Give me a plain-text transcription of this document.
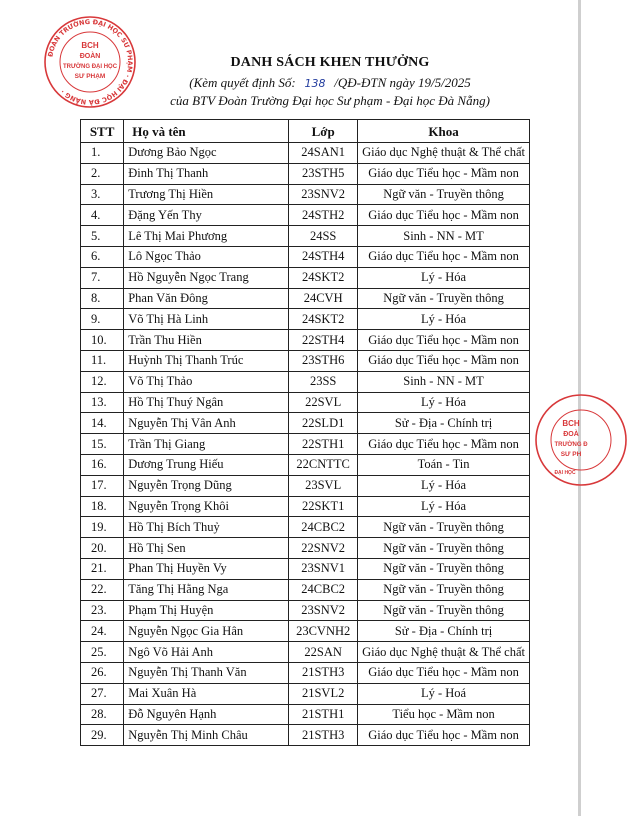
ĐOÀN TRƯỜNG ĐẠI HỌC SƯ PHẠM · ĐẠI HỌC ĐÀ NẴNG ·
BCH
ĐOÀN
TRƯỜNG ĐẠI HỌC
SƯ PHẠM
BCH
ĐOÀ
TRƯỜNG Đ
SƯ PH
ĐẠI HỌC
DANH SÁCH KHEN THƯỞNG
(Kèm quyết định Số: 138 /QĐ-ĐTN ngày 19/5/2025
của BTV Đoàn Trường Đại học Sư phạm - Đại học Đà Nẵng)
STT	Họ và tên	Lớp	Khoa
1.	Dương Bảo Ngọc	24SAN1	Giáo dục Nghệ thuật & Thể chất
2.	Đinh Thị Thanh	23STH5	Giáo dục Tiểu học - Mầm non
3.	Trương Thị Hiền	23SNV2	Ngữ văn - Truyền thông
4.	Đặng Yến Thy	24STH2	Giáo dục Tiểu học - Mầm non
5.	Lê Thị Mai Phương	24SS	Sinh - NN - MT
6.	Lô Ngọc Thảo	24STH4	Giáo dục Tiểu học - Mầm non
7.	Hồ Nguyễn Ngọc Trang	24SKT2	Lý - Hóa
8.	Phan Văn Đông	24CVH	Ngữ văn - Truyền thông
9.	Võ Thị Hà Linh	24SKT2	Lý - Hóa
10.	Trần Thu Hiền	22STH4	Giáo dục Tiểu học - Mầm non
11.	Huỳnh Thị Thanh Trúc	23STH6	Giáo dục Tiểu học - Mầm non
12.	Võ Thị Thảo	23SS	Sinh - NN - MT
13.	Hồ Thị Thuý Ngân	22SVL	Lý - Hóa
14.	Nguyễn Thị Vân Anh	22SLD1	Sử - Địa - Chính trị
15.	Trần Thị Giang	22STH1	Giáo dục Tiểu học - Mầm non
16.	Dương Trung Hiếu	22CNTTC	Toán - Tin
17.	Nguyễn Trọng Dũng	23SVL	Lý - Hóa
18.	Nguyễn Trọng Khôi	22SKT1	Lý - Hóa
19.	Hồ Thị Bích Thuỷ	24CBC2	Ngữ văn - Truyền thông
20.	Hồ Thị Sen	22SNV2	Ngữ văn - Truyền thông
21.	Phan Thị Huyền Vy	23SNV1	Ngữ văn - Truyền thông
22.	Tăng Thị Hằng Nga	24CBC2	Ngữ văn - Truyền thông
23.	Phạm Thị Huyện	23SNV2	Ngữ văn - Truyền thông
24.	Nguyễn Ngọc Gia Hân	23CVNH2	Sử - Địa - Chính trị
25.	Ngô Võ Hải Anh	22SAN	Giáo dục Nghệ thuật & Thể chất
26.	Nguyễn Thị Thanh Văn	21STH3	Giáo dục Tiểu học - Mầm non
27.	Mai Xuân Hà	21SVL2	Lý - Hoá
28.	Đỗ Nguyên Hạnh	21STH1	Tiểu học - Mầm non
29.	Nguyễn Thị Minh Châu	21STH3	Giáo dục Tiểu học - Mầm non
